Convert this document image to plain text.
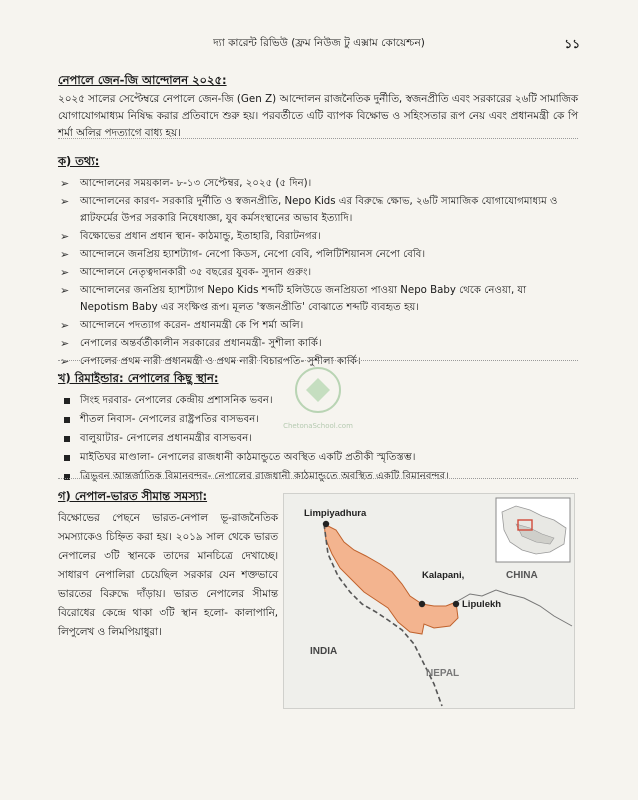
দ্যা কারেন্ট রিভিউ (ফ্রম নিউজ টু এক্সাম কোয়েশ্চন)	১১
নেপালে জেন-জি আন্দোলন ২০২৫:
২০২৫ সালের সেপ্টেম্বরে নেপালে জেন-জি (Gen Z) আন্দোলন রাজনৈতিক দুর্নীতি, স্বজনপ্রীতি এবং সরকারের ২৬টি সামাজিক যোগাযোগমাধ্যম নিষিদ্ধ করার প্রতিবাদে শুরু হয়। পরবর্তীতে এটি ব্যাপক বিক্ষোভ ও সহিংসতার রূপ নেয় এবং প্রধানমন্ত্রী কে পি শর্মা অলির পদত্যাগে বাধ্য হয়।
ক) তথ্য:
➢ আন্দোলনের সময়কাল- ৮-১৩ সেপ্টেম্বর, ২০২৫ (৫ দিন)।
➢ আন্দোলনের কারণ- সরকারি দুর্নীতি ও স্বজনপ্রীতি, Nepo Kids এর বিরুদ্ধে ক্ষোভ, ২৬টি সামাজিক যোগাযোগমাধ্যম ও প্লাটফর্মের উপর সরকারি নিষেধাজ্ঞা, যুব কর্মসংস্থানের অভাব ইত্যাদি।
➢ বিক্ষোভের প্রধান প্রধান স্থান- কাঠমান্ডু, ইতাহারি, বিরাটনগর।
➢ আন্দোলনে জনপ্রিয় হ্যাশট্যাগ- নেপো কিডস, নেপো বেবি, পলিটিশিয়ানস নেপো বেবি।
➢ আন্দোলনে নেতৃত্বদানকারী ৩৫ বছরের যুবক- সুদান গুরুং।
➢ আন্দোলনের জনপ্রিয় হ্যাশট্যাগ Nepo Kids শব্দটি হলিউডে জনপ্রিয়তা পাওয়া Nepo Baby থেকে নেওয়া, যা Nepotism Baby এর সংক্ষিপ্ত রূপ। মূলত 'স্বজনপ্রীতি' বোঝাতে শব্দটি ব্যবহৃত হয়।
➢ আন্দোলনে পদত্যাগ করেন- প্রধানমন্ত্রী কে পি শর্মা অলি।
➢ নেপালের অন্তর্বর্তীকালীন সরকারের প্রধানমন্ত্রী- সুশীলা কার্কি।
➢ নেপালের প্রথম নারী প্রধানমন্ত্রী ও প্রথম নারী বিচারপতি- সুশীলা কার্কি।
খ) রিমাইন্ডার: নেপালের কিছু স্থান:
সিংহ দরবার- নেপালের কেন্দ্রীয় প্রশাসনিক ভবন।
শীতল নিবাস- নেপালের রাষ্ট্রপতির বাসভবন।
বালুয়াটার- নেপালের প্রধানমন্ত্রীর বাসভবন।
মাইতিঘর মাণ্ডালা- নেপালের রাজধানী কাঠমান্ডুতে অবস্থিত একটি প্রতীকী স্মৃতিস্তম্ভ।
ত্রিভুবন আন্তর্জাতিক বিমানবন্দর- নেপালের রাজধানী কাঠমান্ডুতে অবস্থিত একটি বিমানবন্দর।
ChetonaSchool.com
গ) নেপাল-ভারত সীমান্ত সমস্যা:
বিক্ষোভের পেছনে ভারত-নেপাল ভূ-রাজনৈতিক সমস্যাকেও চিহ্নিত করা হয়। ২০১৯ সাল থেকে ভারত নেপালের ৩টি স্থানকে তাদের মানচিত্রে দেখাচ্ছে। সাধারণ নেপালিরা চেয়েছিল সরকার যেন শক্তভাবে ভারতের বিরুদ্ধে দাঁড়ায়। ভারত নেপালের সীমান্ত বিরোধের কেন্দ্রে থাকা ৩টি স্থান হলো- কালাপানি, লিপুলেখ ও লিমপিয়াধুরা।
Limpiyadhura
Kalapani,
Lipulekh
CHINA
INDIA
NEPAL
